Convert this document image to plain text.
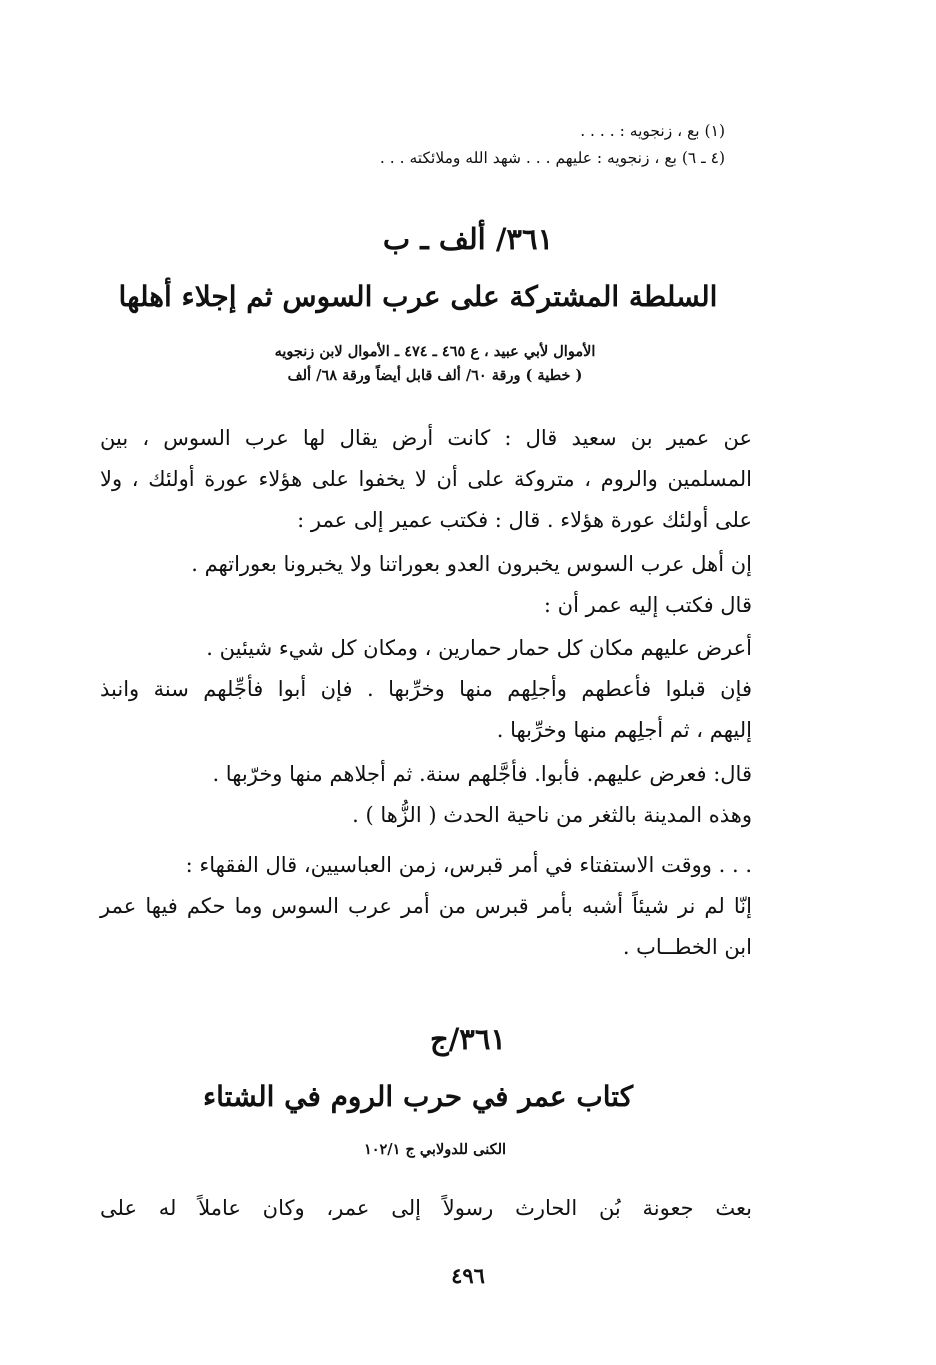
(١) بع ، زنجويه : . . . .
(٤ ـ ٦) بع ، زنجويه : عليهم . . . شهد الله وملائكته . . .
٣٦١/ ألف ـ ب
السلطة المشتركة على عرب السوس ثم إجلاء أهلها
الأموال لأبي عبيد ، ع ٤٦٥ ـ ٤٧٤ ـ الأموال لابن زنجويه
( خطية ) ورقة ٦٠/ ألف قابل أيضاً ورقة ٦٨/ ألف
عن عمير بن سعيد قال : كانت أرض يقال لها عرب السوس ، بين
المسلمين والروم ، متروكة على أن لا يخفوا على هؤلاء عورة أولئك ، ولا
على أولئك عورة هؤلاء . قال : فكتب عمير إلى عمر :
إن أهل عرب السوس يخبرون العدو بعوراتنا ولا يخبرونا بعوراتهم .
قال فكتب إليه عمر أن :
أعرض عليهم مكان كل حمار حمارين ، ومكان كل شيء شيئين .
فإن قبلوا فأعطهم وأجلِهم منها وخرِّبها . فإن أبوا فأجِّلهم سنة وانبذ
إليهم ، ثم أجلِهم منها وخرِّبها .
قال: فعرض عليهم. فأبوا. فأجَّلهم سنة. ثم أجلاهم منها وخرّبها .
وهذه المدينة بالثغر من ناحية الحدث ( الزُّها ) .
. . . ووقت الاستفتاء في أمر قبرس، زمن العباسيين، قال الفقهاء :
إنّا لم نر شيئاً أشبه بأمر قبرس من أمر عرب السوس وما حكم فيها عمر
ابن الخطــاب .
٣٦١/ج
كتاب عمر في حرب الروم في الشتاء
الكنى للدولابي ج ١٠٢/١
بعث جعونة بُن الحارث رسولاً إلى عمر، وكان عاملاً له على
٤٩٦
